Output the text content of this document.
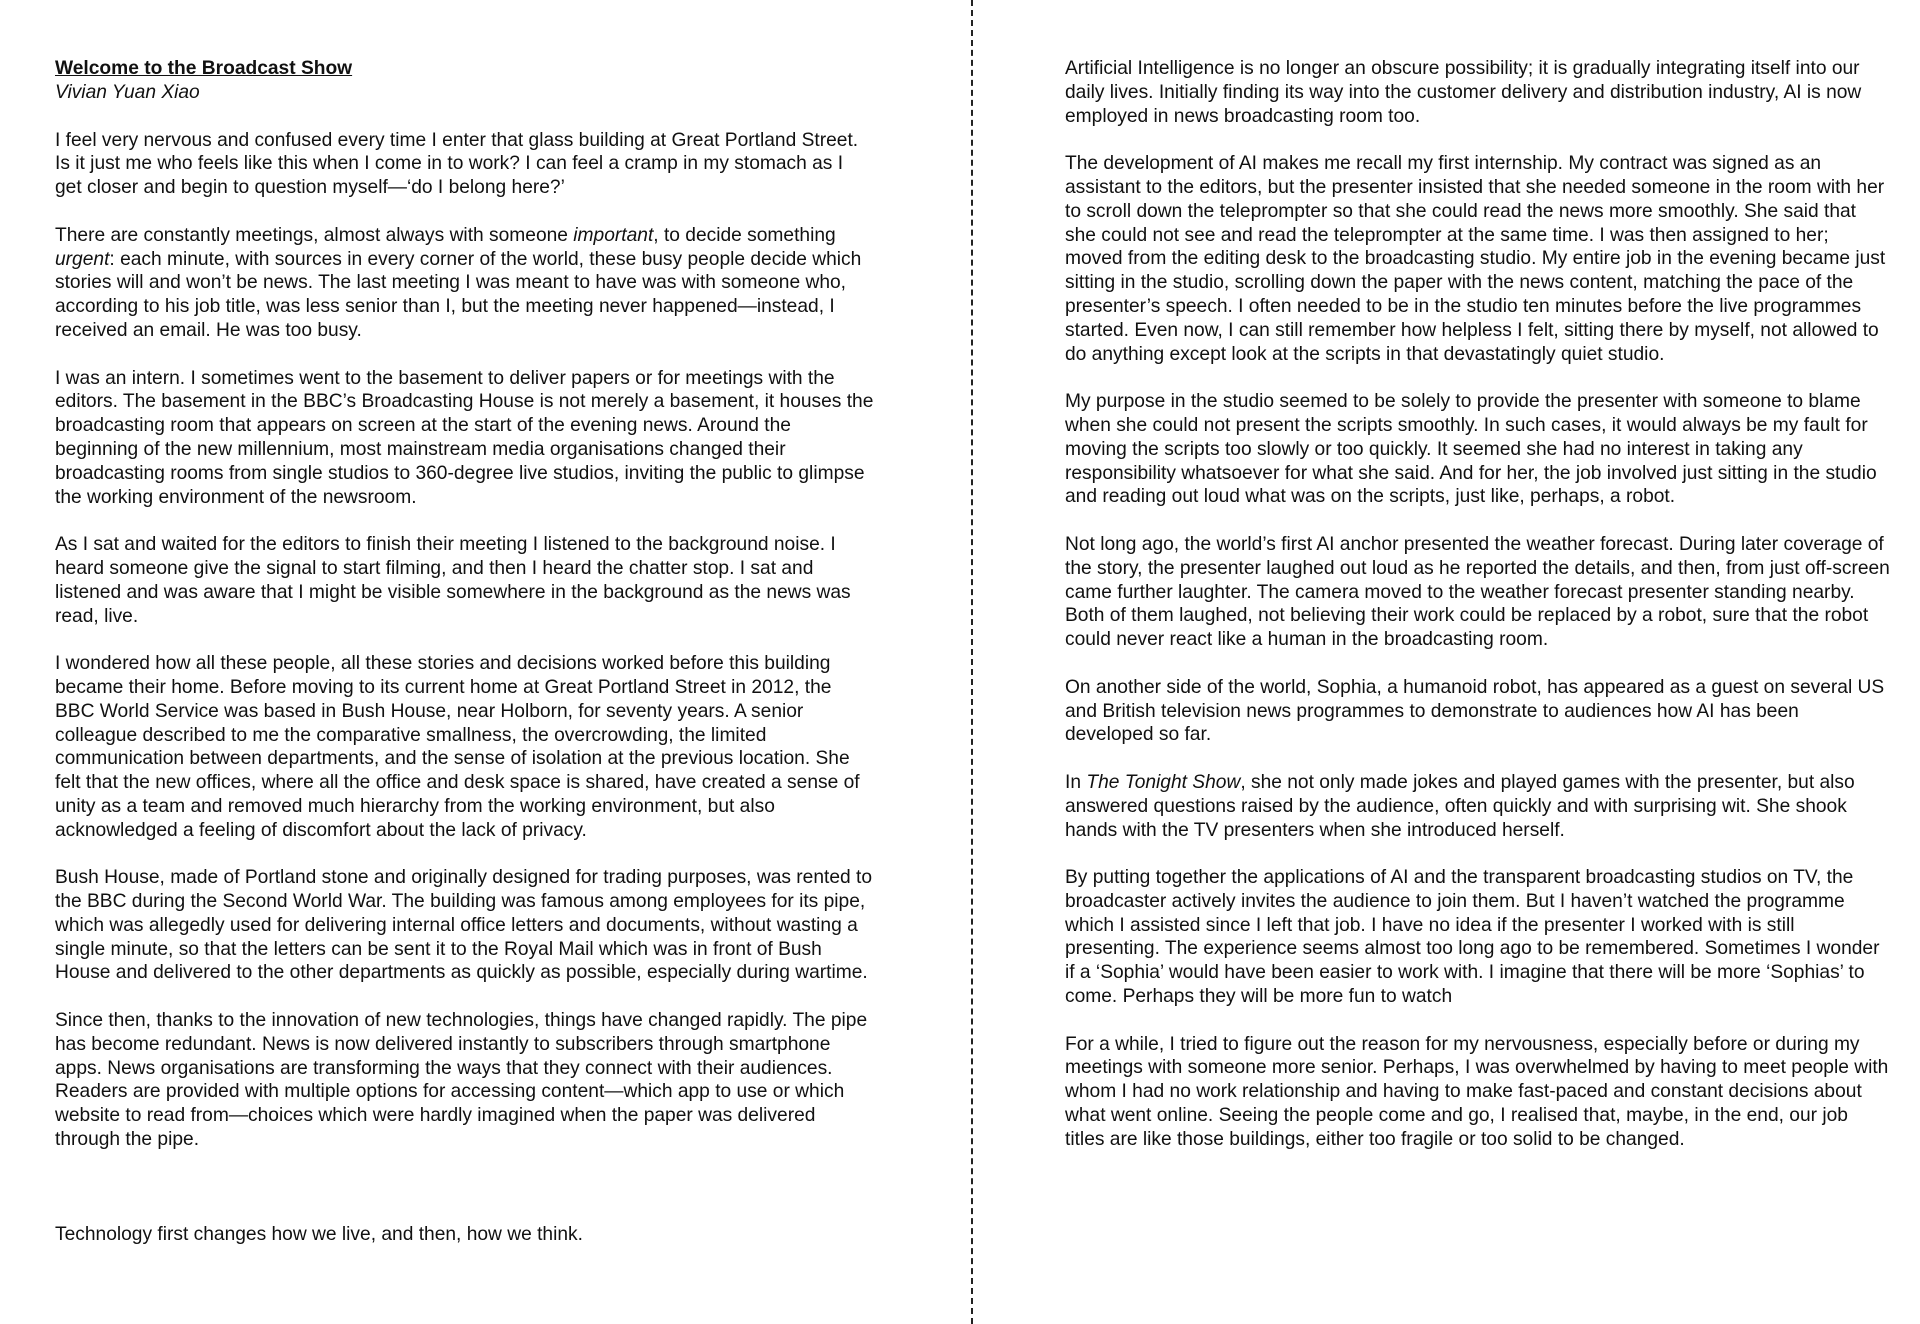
Welcome to the Broadcast Show

Vivian Yuan Xiao

I feel very nervous and confused every time I enter that glass building at Great Portland Street. Is it just me who feels like this when I come in to work? I can feel a cramp in my stomach as I get closer and begin to question myself—‘do I belong here?’

There are constantly meetings, almost always with someone important, to decide something urgent: each minute, with sources in every corner of the world, these busy people decide which stories will and won’t be news. The last meeting I was meant to have was with someone who, according to his job title, was less senior than I, but the meeting never happened—instead, I received an email. He was too busy.

I was an intern. I sometimes went to the basement to deliver papers or for meetings with the editors. The basement in the BBC’s Broadcasting House is not merely a basement, it houses the broadcasting room that appears on screen at the start of the evening news. Around the beginning of the new millennium, most mainstream media organisations changed their broadcasting rooms from single studios to 360-degree live studios, inviting the public to glimpse the working environment of the newsroom.

As I sat and waited for the editors to finish their meeting I listened to the background noise. I heard someone give the signal to start filming, and then I heard the chatter stop. I sat and listened and was aware that I might be visible somewhere in the background as the news was read, live.

I wondered how all these people, all these stories and decisions worked before this building became their home. Before moving to its current home at Great Portland Street in 2012, the BBC World Service was based in Bush House, near Holborn, for seventy years. A senior colleague described to me the comparative smallness, the overcrowding, the limited communication between departments, and the sense of isolation at the previous location. She felt that the new offices, where all the office and desk space is shared, have created a sense of unity as a team and removed much hierarchy from the working environment, but also acknowledged a feeling of discomfort about the lack of privacy.

Bush House, made of Portland stone and originally designed for trading purposes, was rented to the BBC during the Second World War. The building was famous among employees for its pipe, which was allegedly used for delivering internal office letters and documents, without wasting a single minute, so that the letters can be sent it to the Royal Mail which was in front of Bush House and delivered to the other departments as quickly as possible, especially during wartime.

Since then, thanks to the innovation of new technologies, things have changed rapidly. The pipe has become redundant. News is now delivered instantly to subscribers through smartphone apps. News organisations are transforming the ways that they connect with their audiences. Readers are provided with multiple options for accessing content—which app to use or which website to read from—choices which were hardly imagined when the paper was delivered through the pipe.

Technology first changes how we live, and then, how we think.

Artificial Intelligence is no longer an obscure possibility; it is gradually integrating itself into our daily lives. Initially finding its way into the customer delivery and distribution industry, AI is now employed in news broadcasting room too.

The development of AI makes me recall my first internship. My contract was signed as an assistant to the editors, but the presenter insisted that she needed someone in the room with her to scroll down the teleprompter so that she could read the news more smoothly. She said that she could not see and read the teleprompter at the same time. I was then assigned to her; moved from the editing desk to the broadcasting studio. My entire job in the evening became just sitting in the studio, scrolling down the paper with the news content, matching the pace of the presenter’s speech. I often needed to be in the studio ten minutes before the live programmes started. Even now, I can still remember how helpless I felt, sitting there by myself, not allowed to do anything except look at the scripts in that devastatingly quiet studio.

My purpose in the studio seemed to be solely to provide the presenter with someone to blame when she could not present the scripts smoothly. In such cases, it would always be my fault for moving the scripts too slowly or too quickly. It seemed she had no interest in taking any responsibility whatsoever for what she said. And for her, the job involved just sitting in the studio and reading out loud what was on the scripts, just like, perhaps, a robot.

Not long ago, the world’s first AI anchor presented the weather forecast. During later coverage of the story, the presenter laughed out loud as he reported the details, and then, from just off-screen came further laughter. The camera moved to the weather forecast presenter standing nearby. Both of them laughed, not believing their work could be replaced by a robot, sure that the robot could never react like a human in the broadcasting room.

On another side of the world, Sophia, a humanoid robot, has appeared as a guest on several US and British television news programmes to demonstrate to audiences how AI has been developed so far.

In The Tonight Show, she not only made jokes and played games with the presenter, but also answered questions raised by the audience, often quickly and with surprising wit. She shook hands with the TV presenters when she introduced herself.

By putting together the applications of AI and the transparent broadcasting studios on TV, the broadcaster actively invites the audience to join them. But I haven’t watched the programme which I assisted since I left that job. I have no idea if the presenter I worked with is still presenting. The experience seems almost too long ago to be remembered. Sometimes I wonder if a ‘Sophia’ would have been easier to work with. I imagine that there will be more ‘Sophias’ to come. Perhaps they will be more fun to watch

For a while, I tried to figure out the reason for my nervousness, especially before or during my meetings with someone more senior. Perhaps, I was overwhelmed by having to meet people with whom I had no work relationship and having to make fast-paced and constant decisions about what went online. Seeing the people come and go, I realised that, maybe, in the end, our job titles are like those buildings, either too fragile or too solid to be changed.
